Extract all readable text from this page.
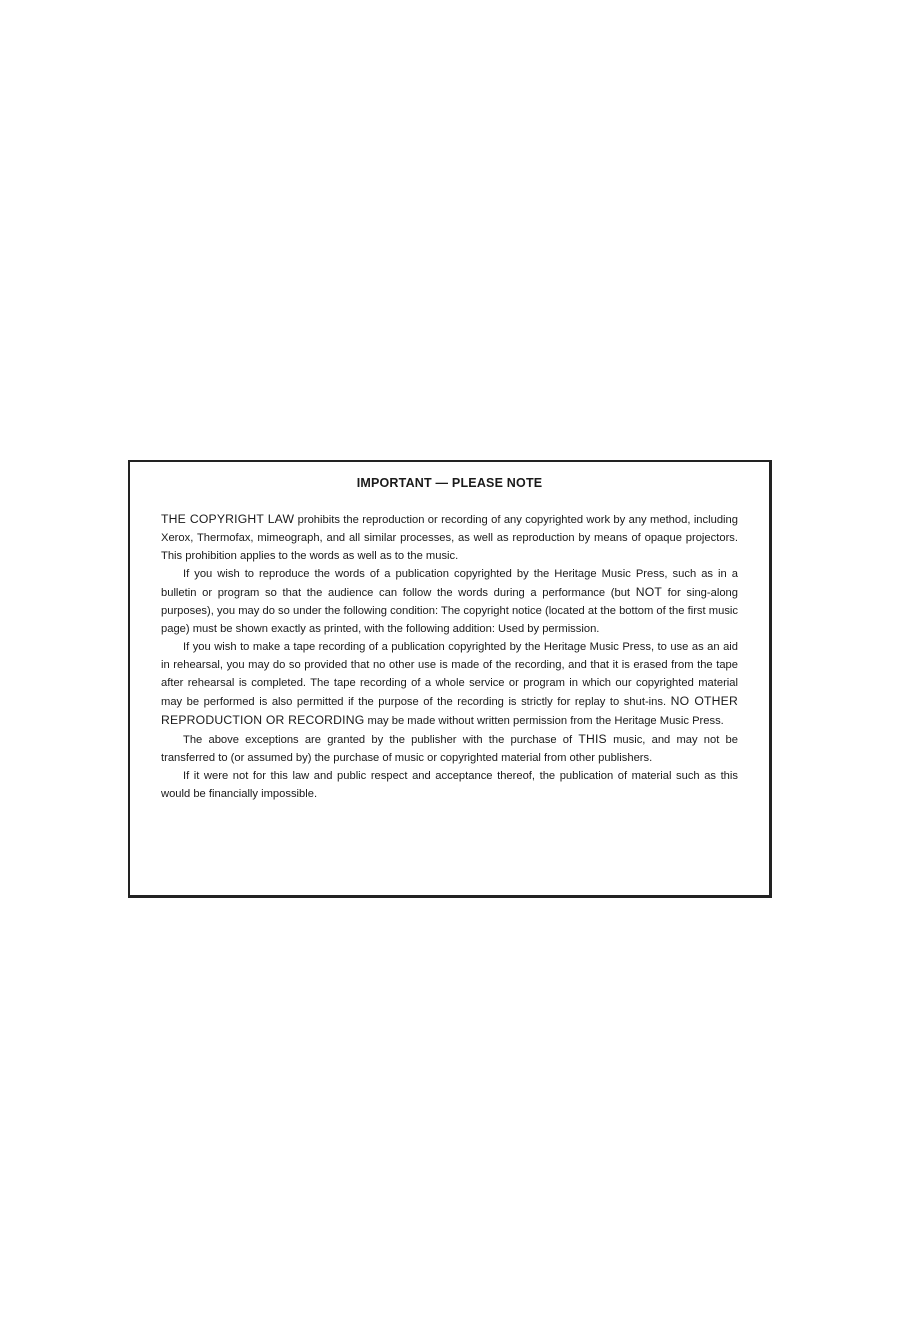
IMPORTANT — PLEASE NOTE

THE COPYRIGHT LAW prohibits the reproduction or recording of any copyrighted work by any method, including Xerox, Thermofax, mimeograph, and all similar processes, as well as reproduction by means of opaque projectors. This prohibition applies to the words as well as to the music.

If you wish to reproduce the words of a publication copyrighted by the Heritage Music Press, such as in a bulletin or program so that the audience can follow the words during a performance (but NOT for sing-along purposes), you may do so under the following condition: The copyright notice (located at the bottom of the first music page) must be shown exactly as printed, with the following addition: Used by permission.

If you wish to make a tape recording of a publication copyrighted by the Heritage Music Press, to use as an aid in rehearsal, you may do so provided that no other use is made of the recording, and that it is erased from the tape after rehearsal is completed. The tape recording of a whole service or program in which our copyrighted material may be performed is also permitted if the purpose of the recording is strictly for replay to shut-ins. NO OTHER REPRODUCTION OR RECORDING may be made without written permission from the Heritage Music Press.

The above exceptions are granted by the publisher with the purchase of THIS music, and may not be transferred to (or assumed by) the purchase of music or copyrighted material from other publishers.

If it were not for this law and public respect and acceptance thereof, the publication of material such as this would be financially impossible.
